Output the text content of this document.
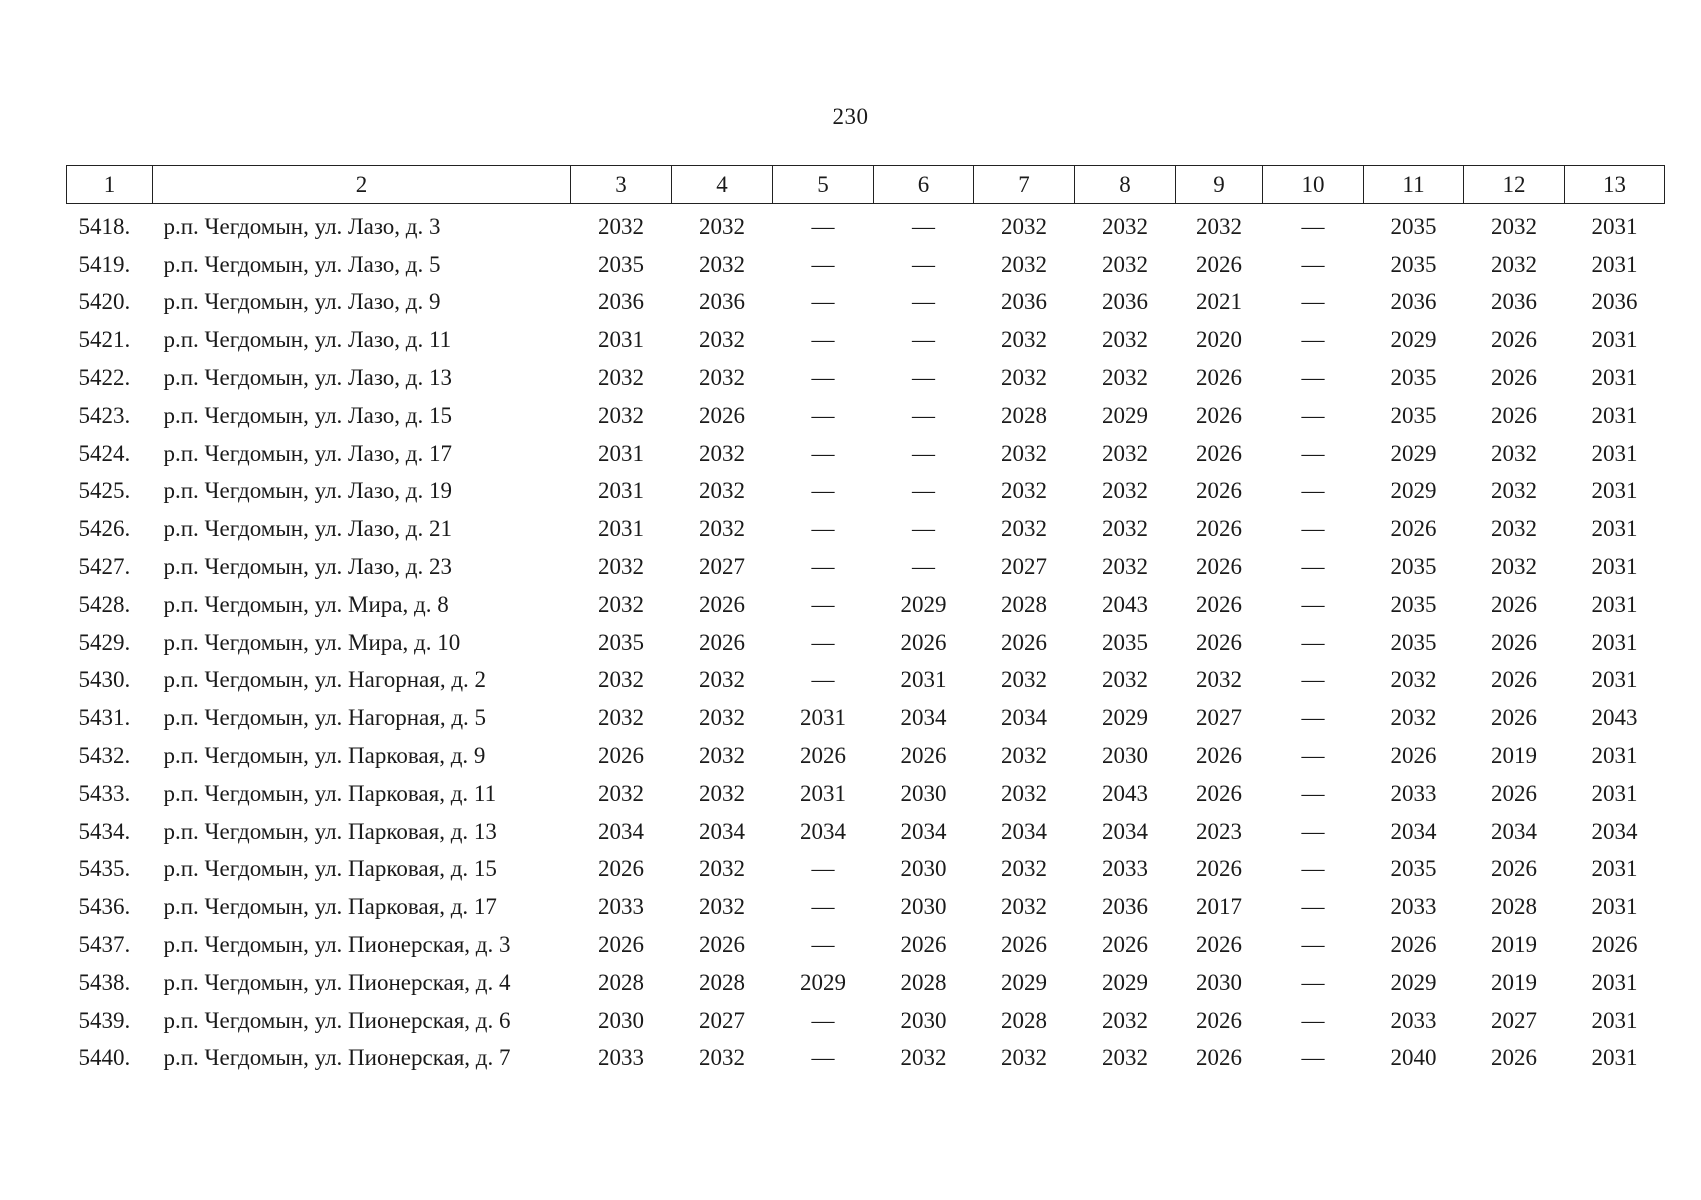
230
1	2	3	4	5	6	7	8	9	10	11	12	13
5418.	р.п. Чегдомын, ул. Лазо, д. 3	2032	2032	—	—	2032	2032	2032	—	2035	2032	2031
5419.	р.п. Чегдомын, ул. Лазо, д. 5	2035	2032	—	—	2032	2032	2026	—	2035	2032	2031
5420.	р.п. Чегдомын, ул. Лазо, д. 9	2036	2036	—	—	2036	2036	2021	—	2036	2036	2036
5421.	р.п. Чегдомын, ул. Лазо, д. 11	2031	2032	—	—	2032	2032	2020	—	2029	2026	2031
5422.	р.п. Чегдомын, ул. Лазо, д. 13	2032	2032	—	—	2032	2032	2026	—	2035	2026	2031
5423.	р.п. Чегдомын, ул. Лазо, д. 15	2032	2026	—	—	2028	2029	2026	—	2035	2026	2031
5424.	р.п. Чегдомын, ул. Лазо, д. 17	2031	2032	—	—	2032	2032	2026	—	2029	2032	2031
5425.	р.п. Чегдомын, ул. Лазо, д. 19	2031	2032	—	—	2032	2032	2026	—	2029	2032	2031
5426.	р.п. Чегдомын, ул. Лазо, д. 21	2031	2032	—	—	2032	2032	2026	—	2026	2032	2031
5427.	р.п. Чегдомын, ул. Лазо, д. 23	2032	2027	—	—	2027	2032	2026	—	2035	2032	2031
5428.	р.п. Чегдомын, ул. Мира, д. 8	2032	2026	—	2029	2028	2043	2026	—	2035	2026	2031
5429.	р.п. Чегдомын, ул. Мира, д. 10	2035	2026	—	2026	2026	2035	2026	—	2035	2026	2031
5430.	р.п. Чегдомын, ул. Нагорная, д. 2	2032	2032	—	2031	2032	2032	2032	—	2032	2026	2031
5431.	р.п. Чегдомын, ул. Нагорная, д. 5	2032	2032	2031	2034	2034	2029	2027	—	2032	2026	2043
5432.	р.п. Чегдомын, ул. Парковая, д. 9	2026	2032	2026	2026	2032	2030	2026	—	2026	2019	2031
5433.	р.п. Чегдомын, ул. Парковая, д. 11	2032	2032	2031	2030	2032	2043	2026	—	2033	2026	2031
5434.	р.п. Чегдомын, ул. Парковая, д. 13	2034	2034	2034	2034	2034	2034	2023	—	2034	2034	2034
5435.	р.п. Чегдомын, ул. Парковая, д. 15	2026	2032	—	2030	2032	2033	2026	—	2035	2026	2031
5436.	р.п. Чегдомын, ул. Парковая, д. 17	2033	2032	—	2030	2032	2036	2017	—	2033	2028	2031
5437.	р.п. Чегдомын, ул. Пионерская, д. 3	2026	2026	—	2026	2026	2026	2026	—	2026	2019	2026
5438.	р.п. Чегдомын, ул. Пионерская, д. 4	2028	2028	2029	2028	2029	2029	2030	—	2029	2019	2031
5439.	р.п. Чегдомын, ул. Пионерская, д. 6	2030	2027	—	2030	2028	2032	2026	—	2033	2027	2031
5440.	р.п. Чегдомын, ул. Пионерская, д. 7	2033	2032	—	2032	2032	2032	2026	—	2040	2026	2031
